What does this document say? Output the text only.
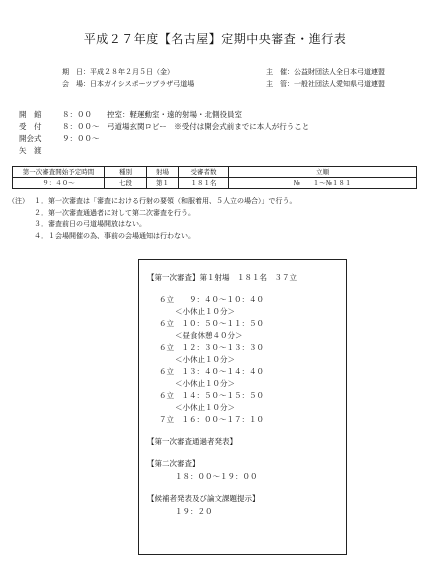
平成２７年度【名古屋】定期中央審査・進行表
期　日：平成２８年２月５日（金）
会　場：日本ガイシスポーツプラザ弓道場
主　催：公益財団法人全日本弓道連盟
主　管：一般社団法人愛知県弓道連盟
開　館	８：００　　控室：軽運動室・遠的射場・北側役員室
受　付	８：００～　弓道場玄関ロビー　※受付は開会式前までに本人が行うこと
開会式	９：００～
矢　渡
第一次審査開始予定時間	種別	射場	受審者数	立順
９：４０～	七段	第１	１８１名	№　　１～№１８１
（注） １．第一次審査は「審査における行射の要領（和服着用、５人立の場合）」で行う。
２．第一次審査通過者に対して第二次審査を行う。
３．審査前日の弓道場開放はない。
４．１会場開催の為、事前の会場通知は行わない。
【第一次審査】第１射場　１８１名　３７立
６立　　９：４０～１０：４０
＜小休止１０分＞
６立　１０：５０～１１：５０
＜昼食休憩４０分＞
６立　１２：３０～１３：３０
＜小休止１０分＞
６立　１３：４０～１４：４０
＜小休止１０分＞
６立　１４：５０～１５：５０
＜小休止１０分＞
７立　１６：００～１７：１０
【第一次審査通過者発表】
【第二次審査】
１８：００～１９：００
【候補者発表及び論文課題提示】
１９：２０
